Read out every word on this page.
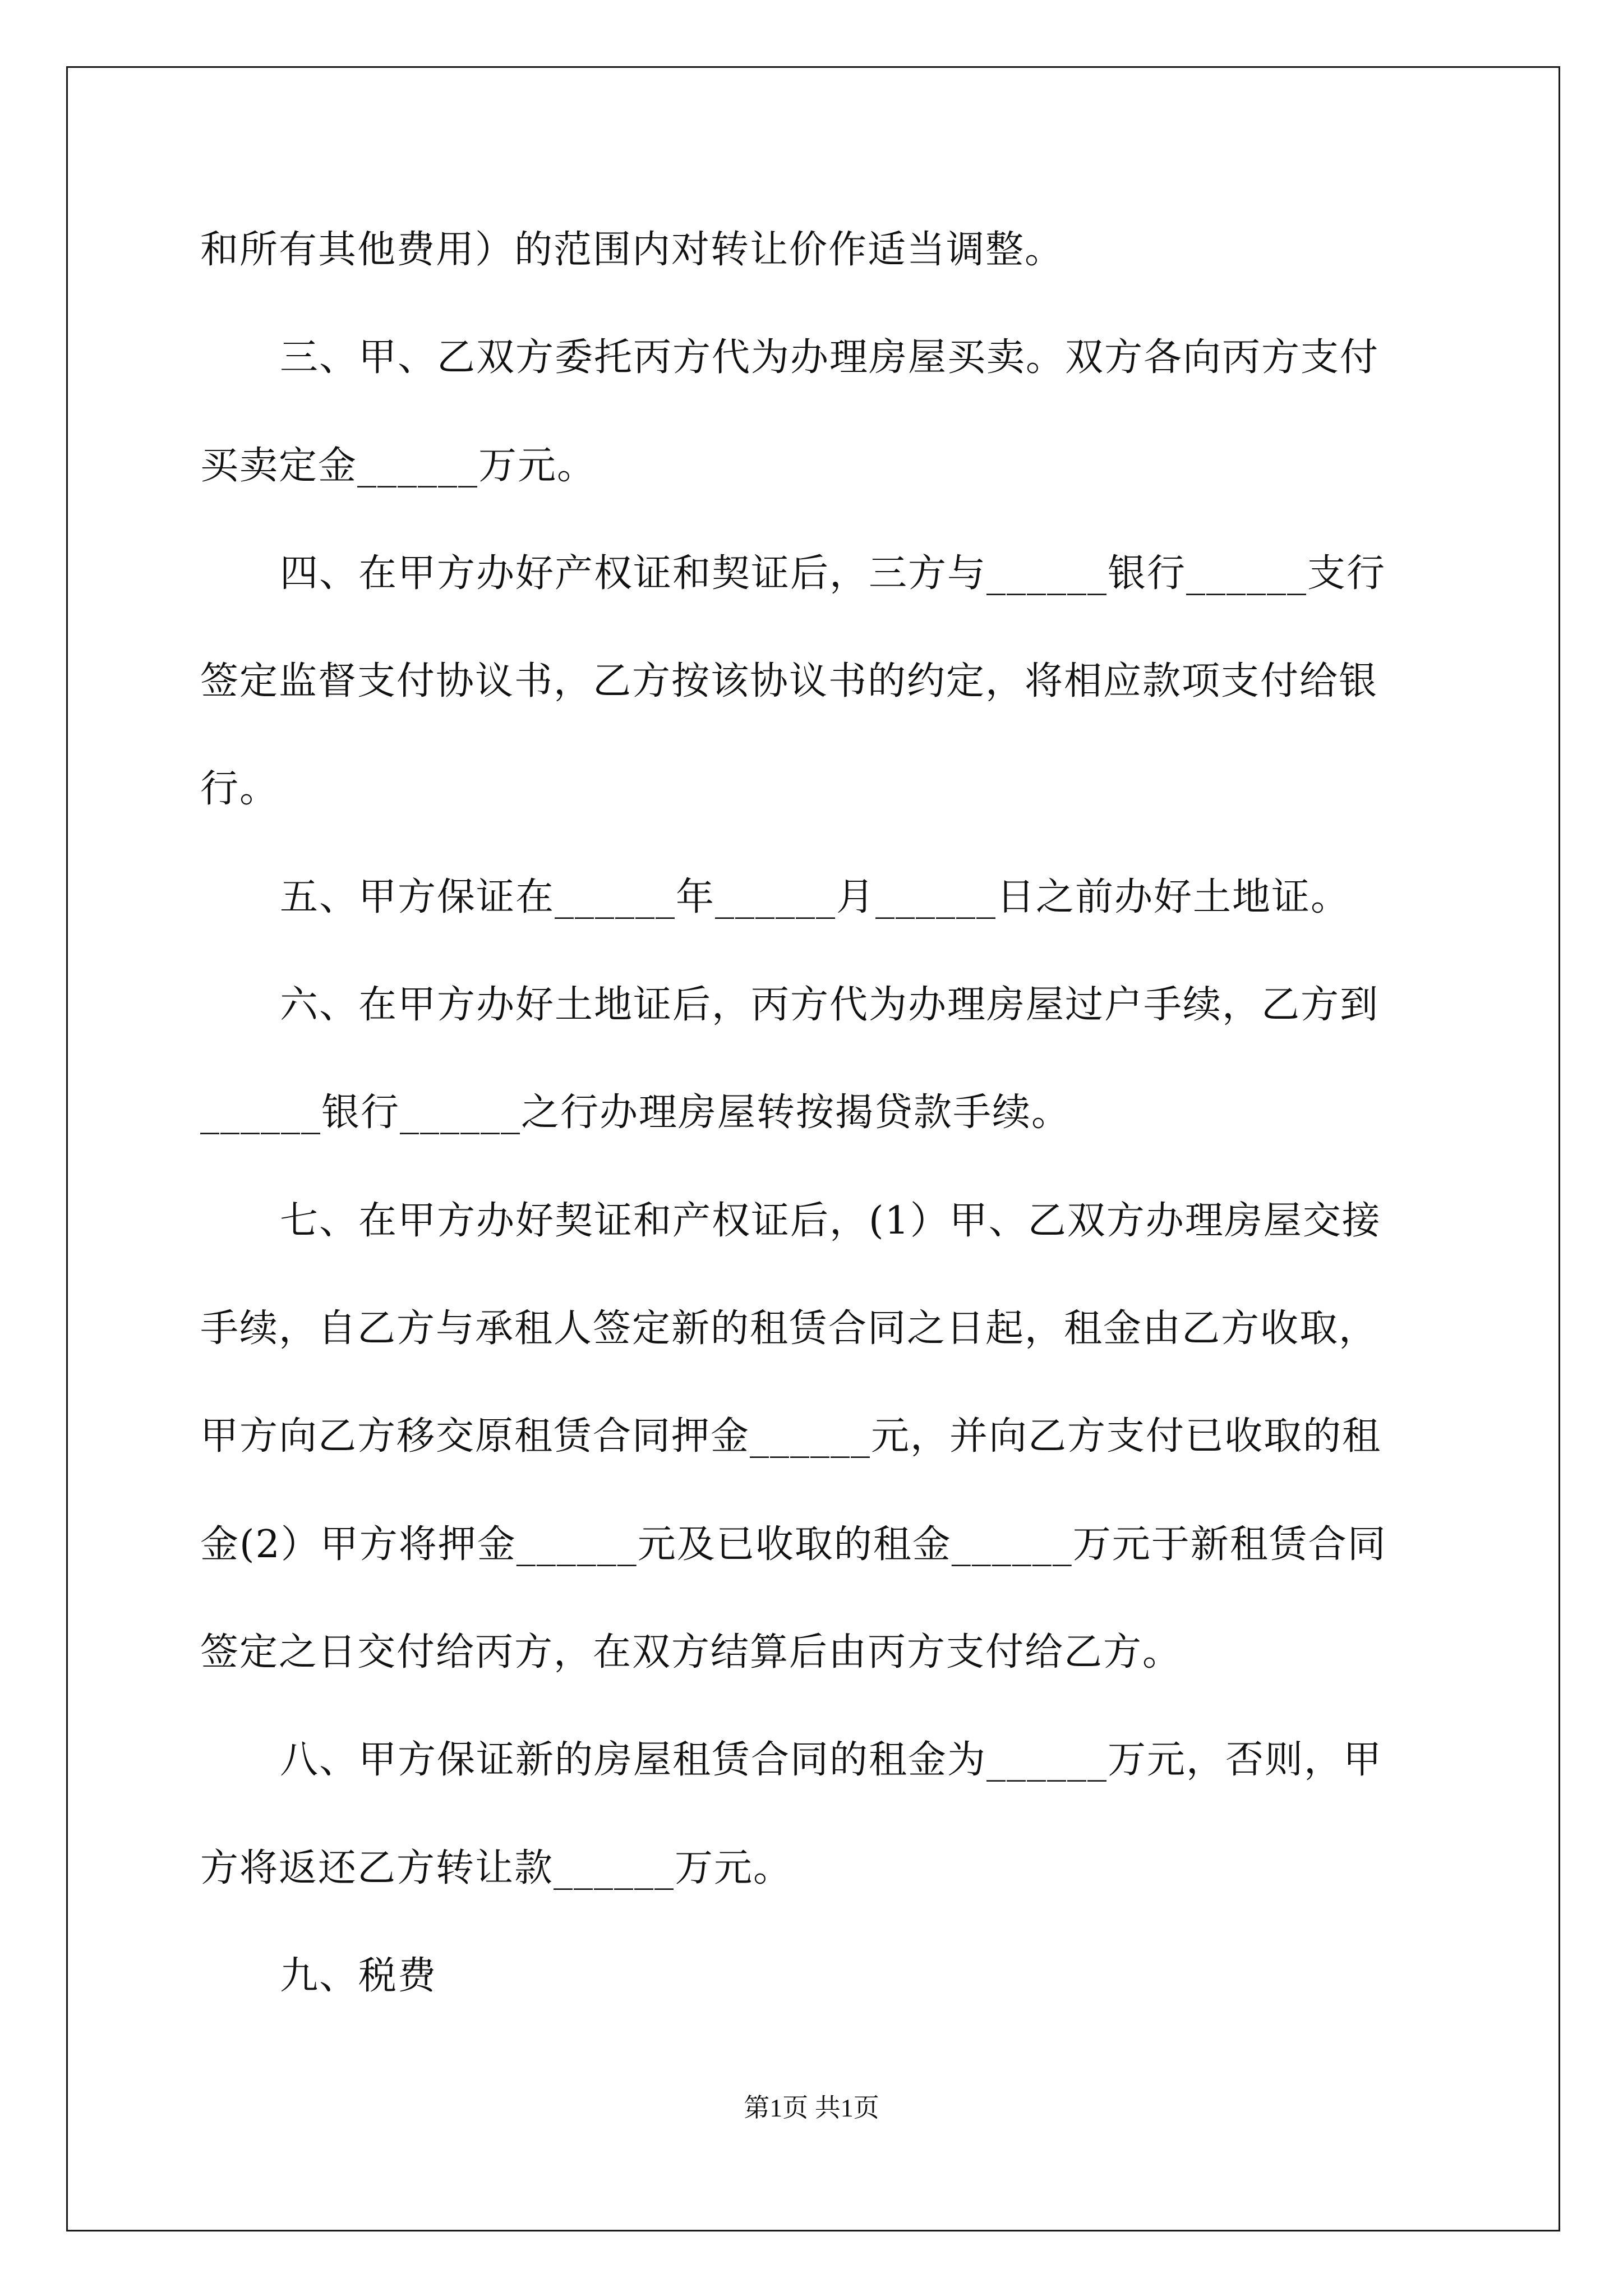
和所有其他费用）的范围内对转让价作适当调整。
三、甲、乙双方委托丙方代为办理房屋买卖。双方各向丙方支付
买卖定金______万元。
四、在甲方办好产权证和契证后，三方与______银行______支行
签定监督支付协议书，乙方按该协议书的约定，将相应款项支付给银
行。
五、甲方保证在______年______月______日之前办好土地证。
六、在甲方办好土地证后，丙方代为办理房屋过户手续，乙方到
______银行______之行办理房屋转按揭贷款手续。
七、在甲方办好契证和产权证后，(1）甲、乙双方办理房屋交接
手续，自乙方与承租人签定新的租赁合同之日起，租金由乙方收取，
甲方向乙方移交原租赁合同押金______元，并向乙方支付已收取的租
金(2）甲方将押金______元及已收取的租金______万元于新租赁合同
签定之日交付给丙方，在双方结算后由丙方支付给乙方。
八、甲方保证新的房屋租赁合同的租金为______万元，否则，甲
方将返还乙方转让款______万元。
九、税费
第1页 共1页
